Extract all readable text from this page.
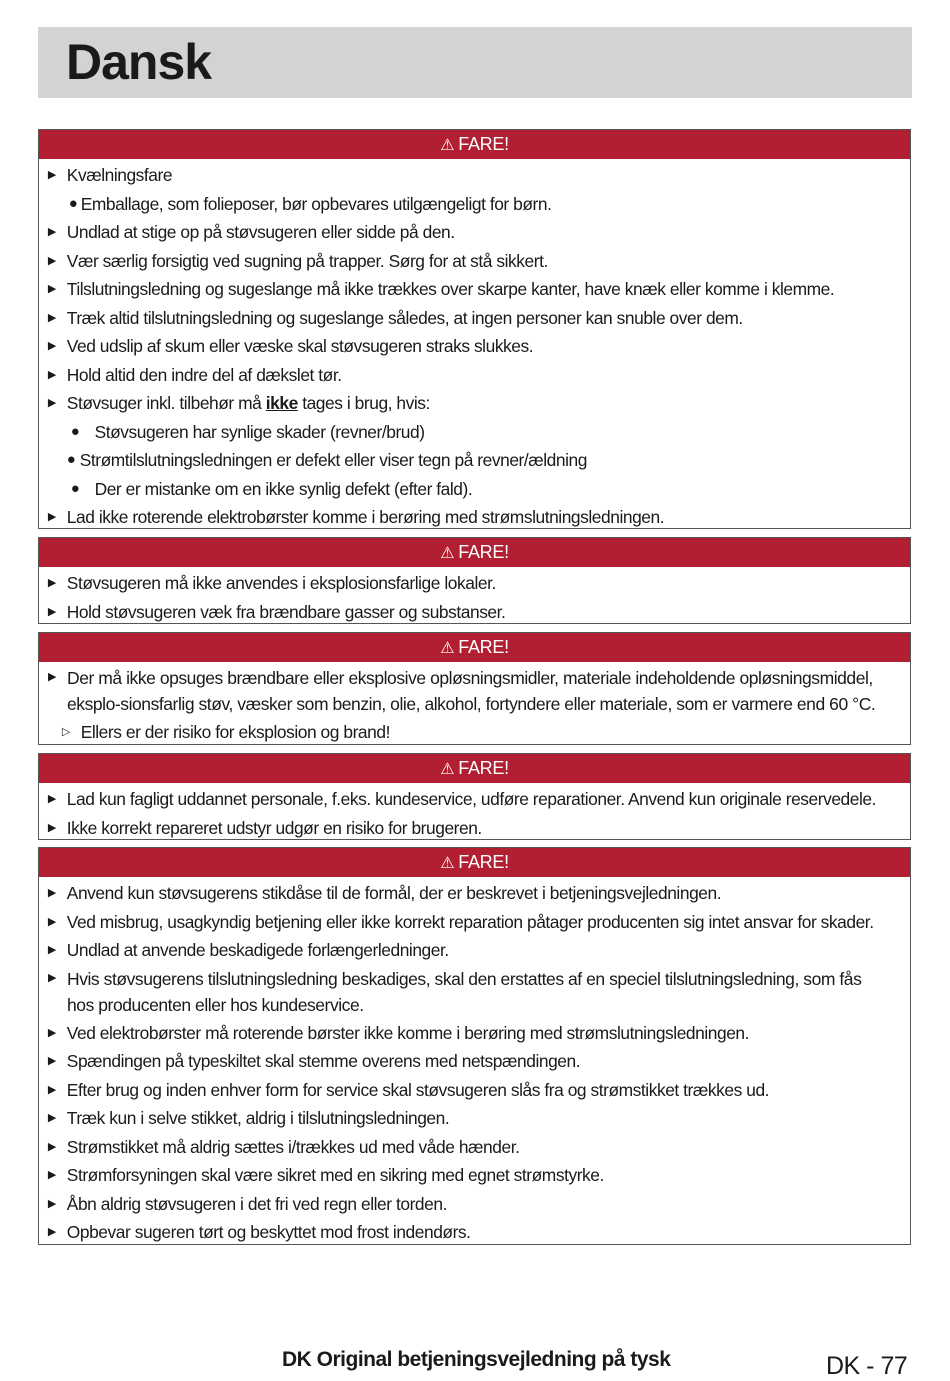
Dansk
⚠ FARE!
▶ Kvælningsfare
● Emballage, som folieposer, bør opbevares utilgængeligt for børn.
▶ Undlad at stige op på støvsugeren eller sidde på den.
▶ Vær særlig forsigtig ved sugning på trapper. Sørg for at stå sikkert.
▶ Tilslutningsledning og sugeslange må ikke trækkes over skarpe kanter, have knæk eller komme i klemme.
▶ Træk altid tilslutningsledning og sugeslange således, at ingen personer kan snuble over dem.
▶ Ved udslip af skum eller væske skal støvsugeren straks slukkes.
▶ Hold altid den indre del af dækslet tør.
▶ Støvsuger inkl. tilbehør må ikke tages i brug, hvis:
● Støvsugeren har synlige skader (revner/brud)
● Strømtilslutningsledningen er defekt eller viser tegn på revner/ældning
● Der er mistanke om en ikke synlig defekt (efter fald).
▶ Lad ikke roterende elektrobørster komme i berøring med strømslutningsledningen.
⚠ FARE!
▶ Støvsugeren må ikke anvendes i eksplosionsfarlige lokaler.
▶ Hold støvsugeren væk fra brændbare gasser og substanser.
⚠ FARE!
▶ Der må ikke opsuges brændbare eller eksplosive opløsningsmidler, materiale indeholdende opløsningsmiddel, eksplo-sionsfarlig støv, væsker som benzin, olie, alkohol, fortyndere eller materiale, som er varmere end 60 °C.
▷ Ellers er der risiko for eksplosion og brand!
⚠ FARE!
▶ Lad kun fagligt uddannet personale, f.eks. kundeservice, udføre reparationer. Anvend kun originale reservedele.
▶ Ikke korrekt repareret udstyr udgør en risiko for brugeren.
⚠ FARE!
▶ Anvend kun støvsugerens stikdåse til de formål, der er beskrevet i betjeningsvejledningen.
▶ Ved misbrug, usagkyndig betjening eller ikke korrekt reparation påtager producenten sig intet ansvar for skader.
▶ Undlad at anvende beskadigede forlængerledninger.
▶ Hvis støvsugerens tilslutningsledning beskadiges, skal den erstattes af en speciel tilslutningsledning, som fås hos producenten eller hos kundeservice.
▶ Ved elektrobørster må roterende børster ikke komme i berøring med strømslutningsledningen.
▶ Spændingen på typeskiltet skal stemme overens med netspændingen.
▶ Efter brug og inden enhver form for service skal støvsugeren slås fra og strømstikket trækkes ud.
▶ Træk kun i selve stikket, aldrig i tilslutningsledningen.
▶ Strømstikket må aldrig sættes i/trækkes ud med våde hænder.
▶ Strømforsyningen skal være sikret med en sikring med egnet strømstyrke.
▶ Åbn aldrig støvsugeren i det fri ved regn eller torden.
▶ Opbevar sugeren tørt og beskyttet mod frost indendørs.
DK Original betjeningsvejledning på tysk	DK - 77
